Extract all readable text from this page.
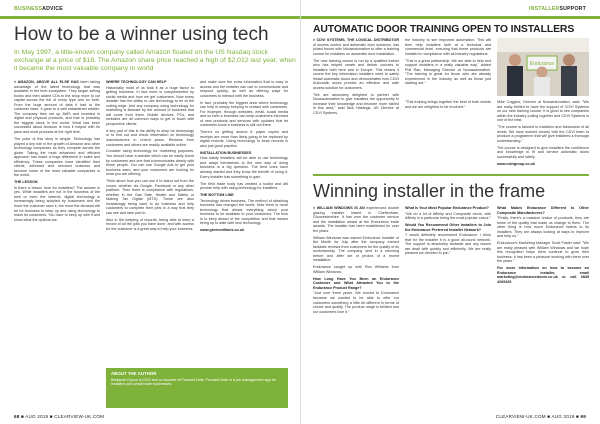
BUSINESSADVICE
How to be a winner using tech
In May 1997, a little-known company called Amazon floated on the US Nasdaq stock exchange at a price of $18. The Amazon share price reached a high of $2,012 last year, when it became the most valuable company in world

> AMAZON, ABOVE ALL ELSE HAS been taking advantage of the latest technology that was available in the tech ecosystem. They began selling books and then added CDs to the shop more to cut capital across the full of every type and so forth. From the huge amount of data it had to the customer base, it grew to a well established retailer. The company then set up AWS and invested in digital and physical products, and that is probably the biggest stock in the world. What has been successful about Amazon is how it helped with its pace and most products at the right time.

The point of this story is simple. Technology has played a key role in the growth of Amazon and other technology companies as they compete across the globe. Taking the most advanced and efficient approach has made a huge difference in sales and efficiency. These companies have identified their clients, delivered and serviced business and become some of the most valuable companies in the world.

THE LESSON

Is there a lesson here for installers? The answer is yes. While installers are not in the business of the web or even the internet, digital technology is increasingly being adopted by customers and the more the customer uses it, the more the demand will be for business to keep up and using technology to reach its customers. You have to keep up with it and know what the options are.

WHERE TECHNOLOGY CAN HELP

Historically most of us took it as a huge factor to getting business. In fact more is complemented by social media and how we get customers. Now every installer has the ability to use technology to be at the cutting edge. And any company using technology for marketing is likewise by the amount of business that will come from them. Mobile devices, PCs, and websites are all common ways to get in touch with prospective clients.

A key part of this is the ability to shop for technology or to find out and check information on technology manufacturers in recent years. Reviews from customers and others are readily available online.

Consider using technology for marketing purposes. You should have a website which can be easily found by customers and one that communicates clearly with those people. You can use Google Ads to get your business seen, and your customers are looking for what you are offering.

Think about how you can use it to stand out from the crowd, whether via Google, Facebook or any other platform. Then there is compliance with regulations, whether in the Gas Safe, Health and Safety or Making Tax Digital (MTD). These are also increasingly being used to do business and help customers to complete their jobs in a way that they can see and take part in.

Also in the keeping of records, being able to keep a record of all the jobs you have done, and with access for the customer is a great way to help your business.

and make sure the extra information that is easy to access and the installer can use to communicate and respond quickly, as well as offering ways for customers to interact with the business.

In fact, probably the biggest area where technology can help is simply keeping in contact with customers. For example, through websites, email, social media and so forth a business can keep customers informed of new products and services with updates that let customers know a business is still out there.

There's no getting around it: paper copies and receipts are more than likely going to be replaced by digital records. Using technology to keep records is also just good practice.

INSTALLATION BUSINESSES

How easily installers will be able to use technology and adapt themselves to the new way of doing business is a big question. The best ones have already started and they know the benefit of using it. Every installer has something to gain.

The field trade body has created a toolkit and will provide help with using technology for installers.

THE BOTTOM LINE

Technology drives business. The method of obtaining business has changed the world. Now there is more technology that allows everything about your business to be available to your customers. The trick is to keep ahead of the competition and that means being up to date with new technology.

www.greenmillions.co.uk

ABOUT THE AUTHOR
Benjamin Dyson is CEO and co-founder of Forward Note. Forward Note is a job management app for installers and small trade businesses.
68 ■ AUG 2019 ■ CLEARVIEW-UK.COM
INSTALLERSUPPORT
AUTOMATIC DOOR TRAINING OPEN TO INSTALLERS

> CDVI SYSTEMS, THE LOGICAL DISTRIBUTOR of access control and automatic door solutions, has joined forces with Novaautomation to offer a training course for installers on automatic door installation.

The new training course is run by a qualified trainer who has helped create and deliver courses to installers both here and in Europe. This means it covers the key information installers need to safely install automatic doors and demonstrates how CDVI Automatic doors provide an effective and safe access solution for customers.

"We are absolutely delighted to partner with Novaautomation to give installers the opportunity to increase their knowledge and become more skilled in this area," said Nick Hastings, UK Director at CDVI Systems.

the industry to see improved automation. This will then help installers both at a technical and commercial level, ensuring that these products are installed in compliance with all industry regulations.

"This is a great partnership. We are able to help and support installers in a really valuable way," added Phil Rae, Managing Director at Novaautomation. "The training is great for those who are already experienced in the industry as well as those just starting out."

Endurance

"This training brings together the best of both worlds and we are delighted to be involved."

Mike Coggins, Director at Novaautomation, said: "We are really thrilled to have the support of CDVI Systems on our new training course. It is good to see companies within the industry pulling together and CDVI Systems is one of the best.

"The course is tailored to installers and fabricators of all levels. We have worked closely with the CDVI team to produce a programme that will give installers a thorough understanding."

The course is designed to give installers the confidence and knowledge to fit and service automatic doors successfully and safely.

www.cdvigroup.co.uk

Winning installer in the frame

> WILLIAM WINDOWS IS AN experienced double glazing installer based in Cheltenham, Gloucestershire. It has won the customer service and the installation award at the Endurance trade awards. The installer has been established for over ten years.

William Windows was named Endurance Installer of the Month for July after the company earned fantastic reviews from customers for the quality of its workmanship. The company sent in a stunning before and after set of photos of a recent installation.

Endurance caught up with Ron Williams from William Windows:

How Long Have You Been an Endurance Customer and What Attracted You to the Endurance Product Range?

"Just over three years. We moved to Endurance because we wanted to be able to offer our customers something a little bit different in terms of choice and quality. The product range is brilliant and our customers love it."

What Is Your Most Popular Endurance Product?

"We do a lot of Affinity and Composite doors, with Affinity in a particular being the most popular colour."

Would You Recommend Other Installers to Join the Endurance Preferred Installer Network?

"I would definitely recommend Endurance. I think that for the installer it is a good all-round network. The support is absolutely fantastic and any issues are dealt with quickly and efficiently. We are really pleased we decided to join."

What Makes Endurance Different to Other Composite Manufacturers?

"Firstly, there's a massive choice of products, they are some of the quality that made us change to them. The other thing is how much Endurance listens to its installers. They are always looking at ways to improve and help us."

Endurance's Marketing Manager Scott Foster said: "We are really pleased with William Windows and we hope this recognition helps them continue to grow their business. It has been a pleasure working with them over the years."

For more information on how to become an Endurance installer, email marketing@endurancedoors.co.uk or call 0845 4269329

CLEARVIEW-UK.COM ■ AUG 2019 ■ 69
